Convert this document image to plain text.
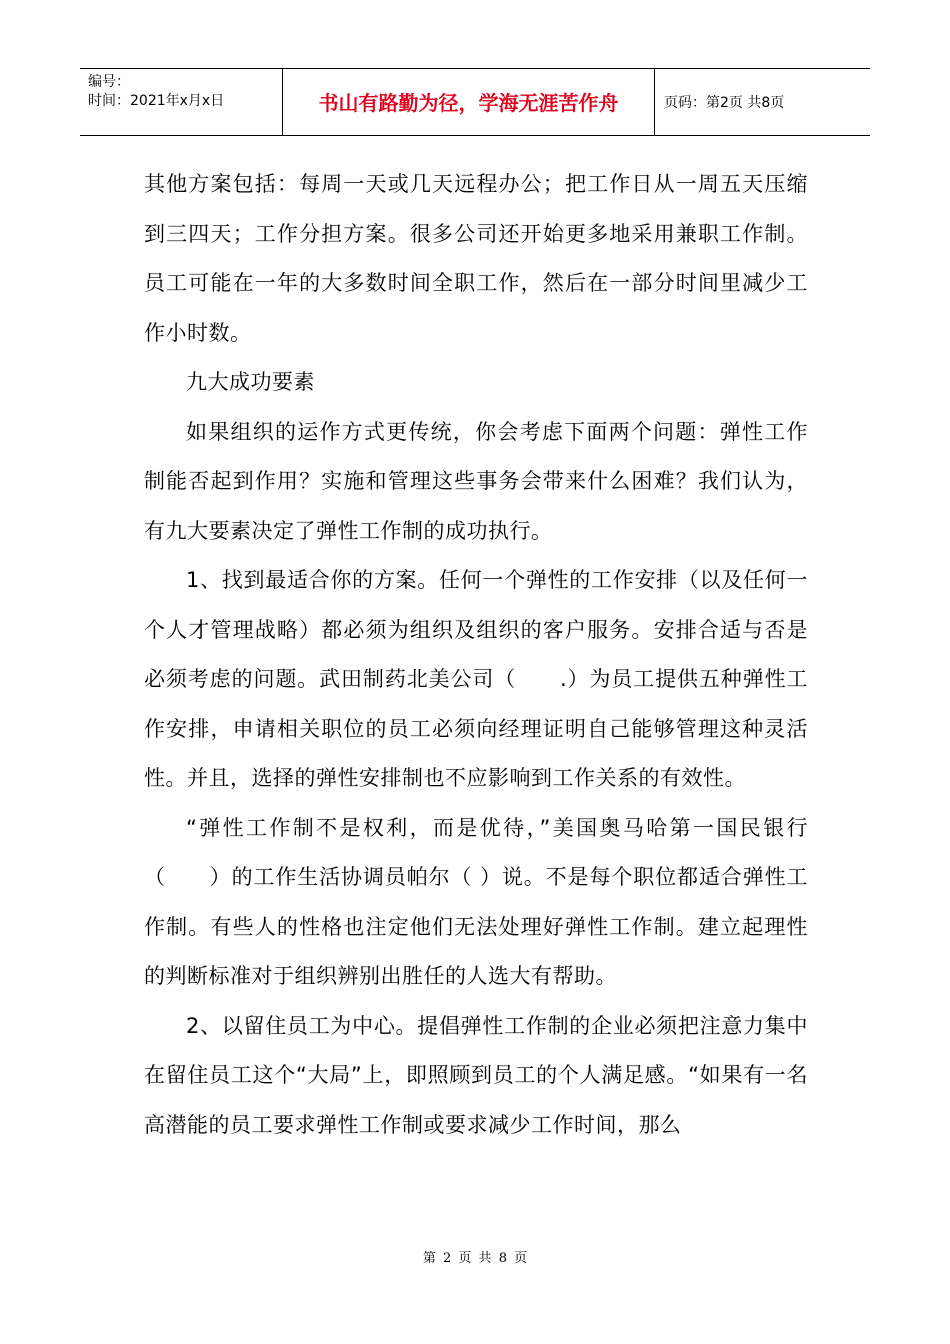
编号：
时间：2021年x月x日	书山有路勤为径，学海无涯苦作舟	页码：第2页 共8页

其他方案包括：每周一天或几天远程办公；把工作日从一周五天压缩到三四天；工作分担方案。很多公司还开始更多地采用兼职工作制。员工可能在一年的大多数时间全职工作，然后在一部分时间里减少工作小时数。

九大成功要素

如果组织的运作方式更传统，你会考虑下面两个问题：弹性工作制能否起到作用？实施和管理这些事务会带来什么困难？我们认为，有九大要素决定了弹性工作制的成功执行。

1、找到最适合你的方案。任何一个弹性的工作安排（以及任何一个人才管理战略）都必须为组织及组织的客户服务。安排合适与否是必须考虑的问题。武田制药北美公司（　　.）为员工提供五种弹性工作安排，申请相关职位的员工必须向经理证明自己能够管理这种灵活性。并且，选择的弹性安排制也不应影响到工作关系的有效性。

“弹性工作制不是权利，而是优待，”美国奥马哈第一国民银行（　　）的工作生活协调员帕尔（ ）说。不是每个职位都适合弹性工作制。有些人的性格也注定他们无法处理好弹性工作制。建立起理性的判断标准对于组织辨别出胜任的人选大有帮助。

2、以留住员工为中心。提倡弹性工作制的企业必须把注意力集中在留住员工这个“大局”上，即照顾到员工的个人满足感。“如果有一名高潜能的员工要求弹性工作制或要求减少工作时间，那么

第 2 页 共 8 页
